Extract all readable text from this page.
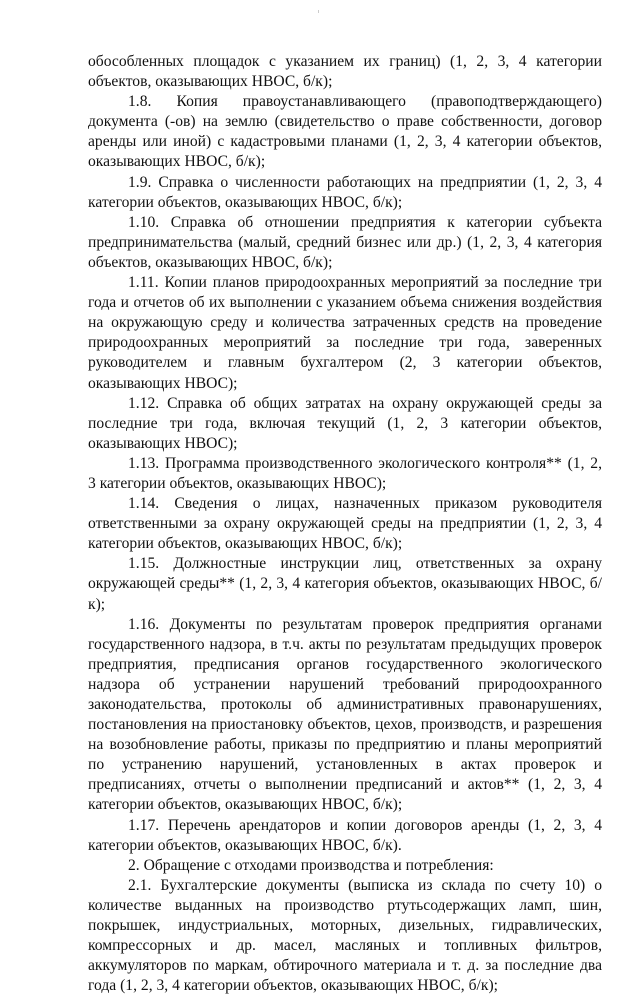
обособленных площадок с указанием их границ) (1, 2, 3, 4 категории объектов, оказывающих НВОС, б/к);

1.8. Копия правоустанавливающего (правоподтверждающего) документа (-ов) на землю (свидетельство о праве собственности, договор аренды или иной) с кадастровыми планами (1, 2, 3, 4 категории объектов, оказывающих НВОС, б/к);

1.9. Справка о численности работающих на предприятии (1, 2, 3, 4 категории объектов, оказывающих НВОС, б/к);

1.10. Справка об отношении предприятия к категории субъекта предпринимательства (малый, средний бизнес или др.) (1, 2, 3, 4 категория объектов, оказывающих НВОС, б/к);

1.11. Копии планов природоохранных мероприятий за последние три года и отчетов об их выполнении с указанием объема снижения воздействия на окружающую среду и количества затраченных средств на проведение природоохранных мероприятий за последние три года, заверенных руководителем и главным бухгалтером (2, 3 категории объектов, оказывающих НВОС);

1.12. Справка об общих затратах на охрану окружающей среды за последние три года, включая текущий (1, 2, 3 категории объектов, оказывающих НВОС);

1.13. Программа производственного экологического контроля** (1, 2, 3 категории объектов, оказывающих НВОС);

1.14. Сведения о лицах, назначенных приказом руководителя ответственными за охрану окружающей среды на предприятии (1, 2, 3, 4 категории объектов, оказывающих НВОС, б/к);

1.15. Должностные инструкции лиц, ответственных за охрану окружающей среды** (1, 2, 3, 4 категория объектов, оказывающих НВОС, б/к);

1.16. Документы по результатам проверок предприятия органами государственного надзора, в т.ч. акты по результатам предыдущих проверок предприятия, предписания органов государственного экологического надзора об устранении нарушений требований природоохранного законодательства, протоколы об административных правонарушениях, постановления на приостановку объектов, цехов, производств, и разрешения на возобновление работы, приказы по предприятию и планы мероприятий по устранению нарушений, установленных в актах проверок и предписаниях, отчеты о выполнении предписаний и актов** (1, 2, 3, 4 категории объектов, оказывающих НВОС, б/к);

1.17. Перечень арендаторов и копии договоров аренды (1, 2, 3, 4 категории объектов, оказывающих НВОС, б/к).

2. Обращение с отходами производства и потребления:

2.1. Бухгалтерские документы (выписка из склада по счету 10) о количестве выданных на производство ртутьсодержащих ламп, шин, покрышек, индустриальных, моторных, дизельных, гидравлических, компрессорных и др. масел, масляных и топливных фильтров, аккумуляторов по маркам, обтирочного материала и т. д. за последние два года (1, 2, 3, 4 категории объектов, оказывающих НВОС, б/к);
